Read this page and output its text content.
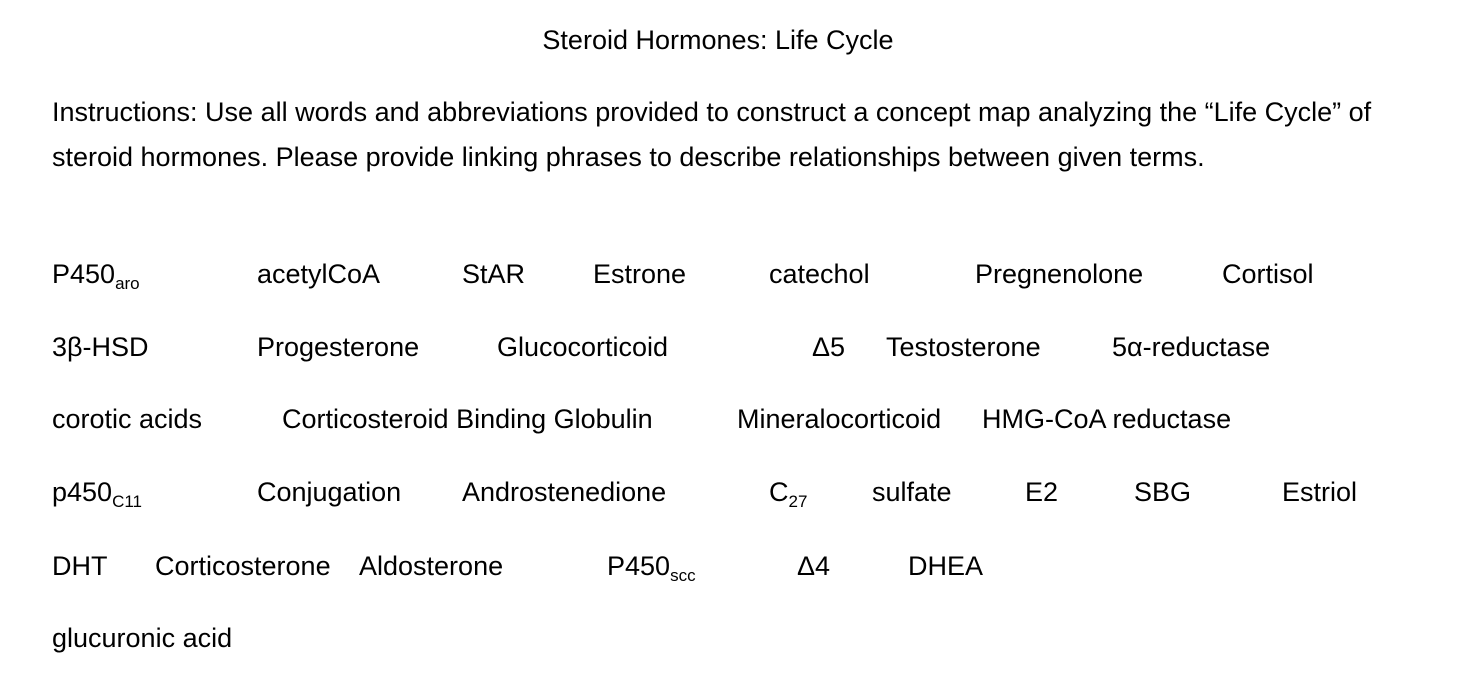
Steroid Hormones: Life Cycle

Instructions: Use all words and abbreviations provided to construct a concept map analyzing the “Life Cycle” of steroid hormones. Please provide linking phrases to describe relationships between given terms.

$P450_{aro}$	acetylCoA	StAR	Estrone	catechol	Pregnenolone	Cortisol
3β-HSD	Progesterone	Glucocorticoid	Δ5 Testosterone	5α-reductase
corotic acids	Corticosteroid Binding Globulin	Mineralocorticoid HMG-CoA reductase
$p450_{C11}$	Conjugation Androstenedione	$C_{27}$ sulfate	E2	SBG	Estriol
DHT Corticosterone Aldosterone	$P450_{scc}$	Δ4	DHEA
glucuronic acid
